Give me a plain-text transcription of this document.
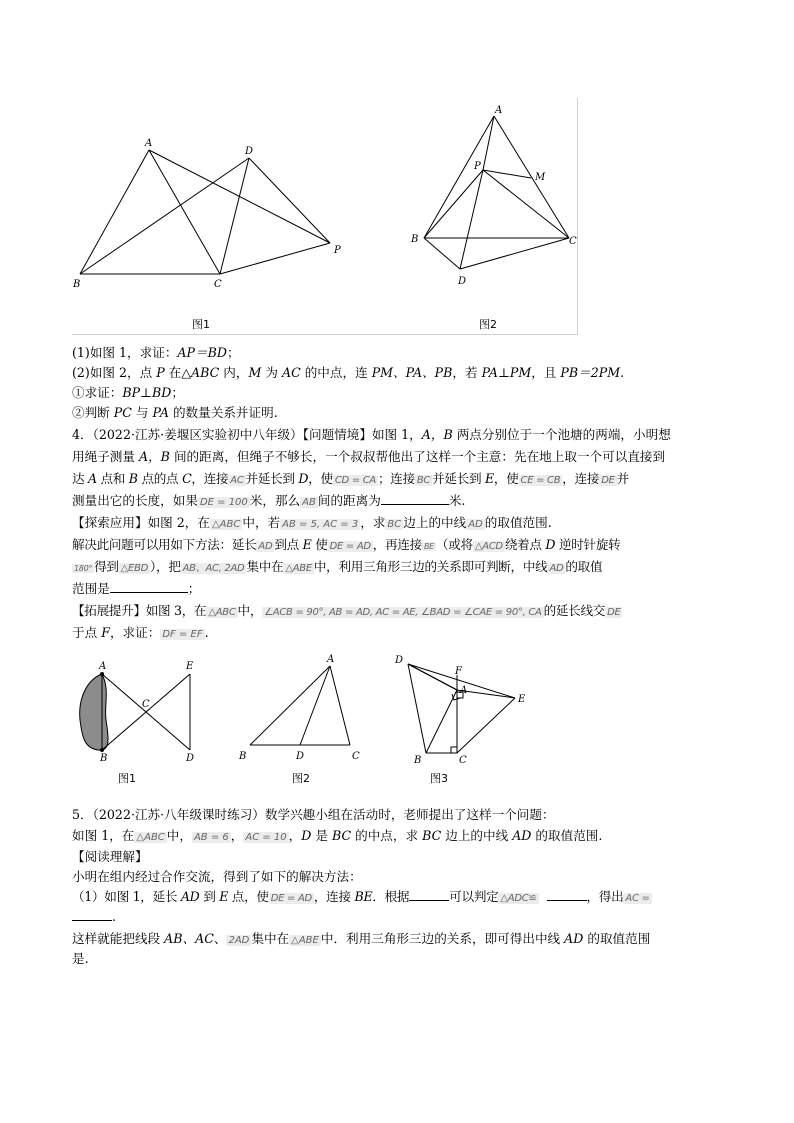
A
D
B	C
P
图1
A
P
M
B	C
D
图2
(1)如图 1，求证：AP＝BD；
(2)如图 2，点 P 在△ABC 内，M 为 AC 的中点，连 PM、PA、PB，若 PA⊥PM，且 PB＝2PM.
①求证：BP⊥BD；
②判断 PC 与 PA 的数量关系并证明.
4．（2022·江苏·姜堰区实验初中八年级）【问题情境】如图 1，A，B 两点分别位于一个池塘的两端，小明想
用绳子测量 A，B 间的距离，但绳子不够长，一个叔叔帮他出了这样一个主意：先在地上取一个可以直接到
达 A 点和 B 点的点 C，连接 AC 并延长到 D，使 CD = CA ；连接 BC 并延长到 E，使 CE = CB ，连接 DE 并
测量出它的长度，如果 DE = 100 米，那么 AB 间的距离为	米.
【探索应用】如图 2，在 △ABC 中，若 AB = 5, AC = 3 ，求 BC 边上的中线 AD 的取值范围.
解决此问题可以用如下方法：延长 AD 到点 E 使 DE = AD ，再连接 BE （或将 △ACD 绕着点 D 逆时针旋转
180° 得到 △EBD ），把 AB、AC, 2AD 集中在 △ABE 中，利用三角形三边的关系即可判断，中线 AD 的取值
范围是	；
【拓展提升】如图 3，在 △ABC 中， ∠ACB = 90°, AB = AD, AC = AE, ∠BAD = ∠CAE = 90°, CA 的延长线交 DE
于点 F，求证： DF = EF .
A
C
E
B	D
图1
A
B	D	C
图2
D
F
A
E
B	C
图3
5．（2022·江苏·八年级课时练习）数学兴趣小组在活动时，老师提出了这样一个问题：
如图 1，在 △ABC 中， AB = 6 ， AC = 10 ，D 是 BC 的中点，求 BC 边上的中线 AD 的取值范围.
【阅读理解】
小明在组内经过合作交流，得到了如下的解决方法：
（1）如图 1，延长 AD 到 E 点，使 DE = AD ，连接 BE．根据	可以判定 △ADC≌	，得出 AC =
.
这样就能把线段 AB、AC、 2AD 集中在 △ABE 中．利用三角形三边的关系，即可得出中线 AD 的取值范围
是.
